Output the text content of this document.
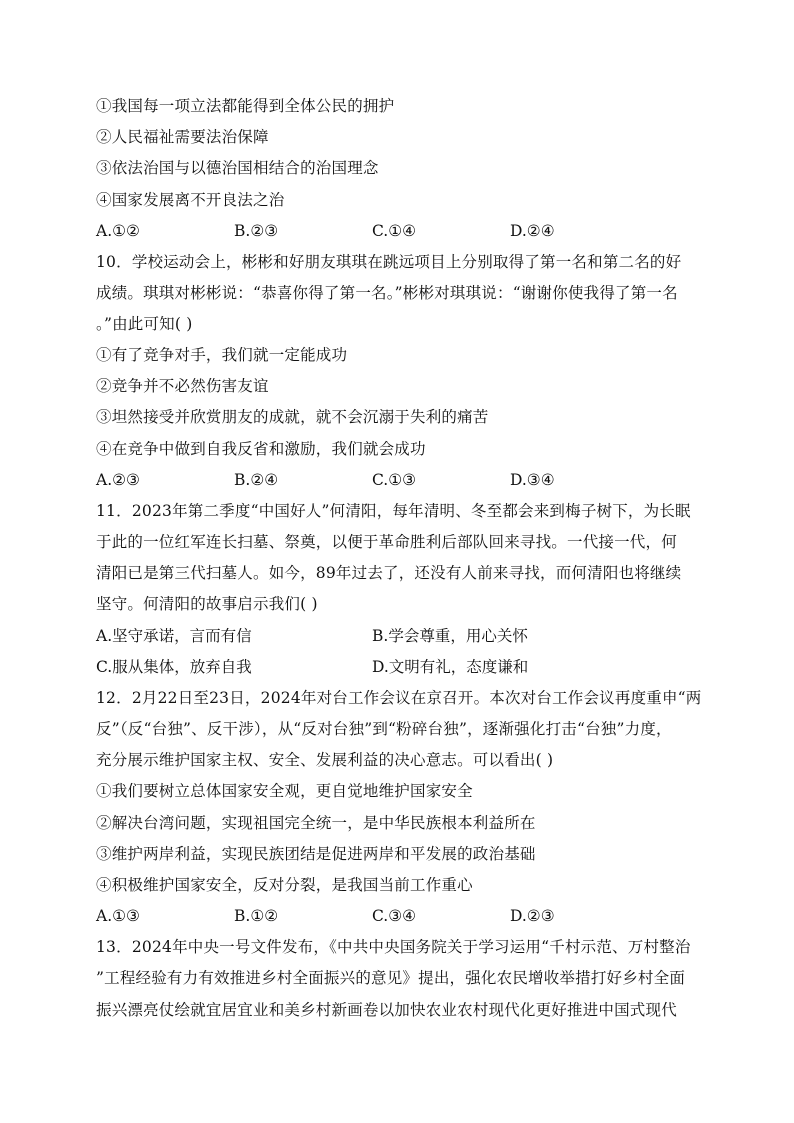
①我国每一项立法都能得到全体公民的拥护
②人民福祉需要法治保障
③依法治国与以德治国相结合的治国理念
④国家发展离不开良法之治
A.①②	B.②③	C.①④	D.②④
10．学校运动会上，彬彬和好朋友琪琪在跳远项目上分别取得了第一名和第二名的好
成绩。琪琪对彬彬说：“恭喜你得了第一名。”彬彬对琪琪说：“谢谢你使我得了第一名
。”由此可知( )
①有了竞争对手，我们就一定能成功
②竞争并不必然伤害友谊
③坦然接受并欣赏朋友的成就，就不会沉溺于失利的痛苦
④在竞争中做到自我反省和激励，我们就会成功
A.②③	B.②④	C.①③	D.③④
11．2023年第二季度“中国好人”何清阳，每年清明、冬至都会来到梅子树下，为长眠
于此的一位红军连长扫墓、祭奠，以便于革命胜利后部队回来寻找。一代接一代，何
清阳已是第三代扫墓人。如今，89年过去了，还没有人前来寻找，而何清阳也将继续
坚守。何清阳的故事启示我们( )
A.坚守承诺，言而有信	B.学会尊重，用心关怀
C.服从集体，放弃自我	D.文明有礼，态度谦和
12．2月22日至23日，2024年对台工作会议在京召开。本次对台工作会议再度重申“两
反”（反“台独”、反干涉），从“反对台独”到“粉碎台独”，逐渐强化打击“台独”力度，
充分展示维护国家主权、安全、发展利益的决心意志。可以看出( )
①我们要树立总体国家安全观，更自觉地维护国家安全
②解决台湾问题，实现祖国完全统一，是中华民族根本利益所在
③维护两岸利益，实现民族团结是促进两岸和平发展的政治基础
④积极维护国家安全，反对分裂，是我国当前工作重心
A.①③	B.①②	C.③④	D.②③
13．2024年中央一号文件发布，《中共中央国务院关于学习运用“千村示范、万村整治
”工程经验有力有效推进乡村全面振兴的意见》提出，强化农民增收举措打好乡村全面
振兴漂亮仗绘就宜居宜业和美乡村新画卷以加快农业农村现代化更好推进中国式现代
